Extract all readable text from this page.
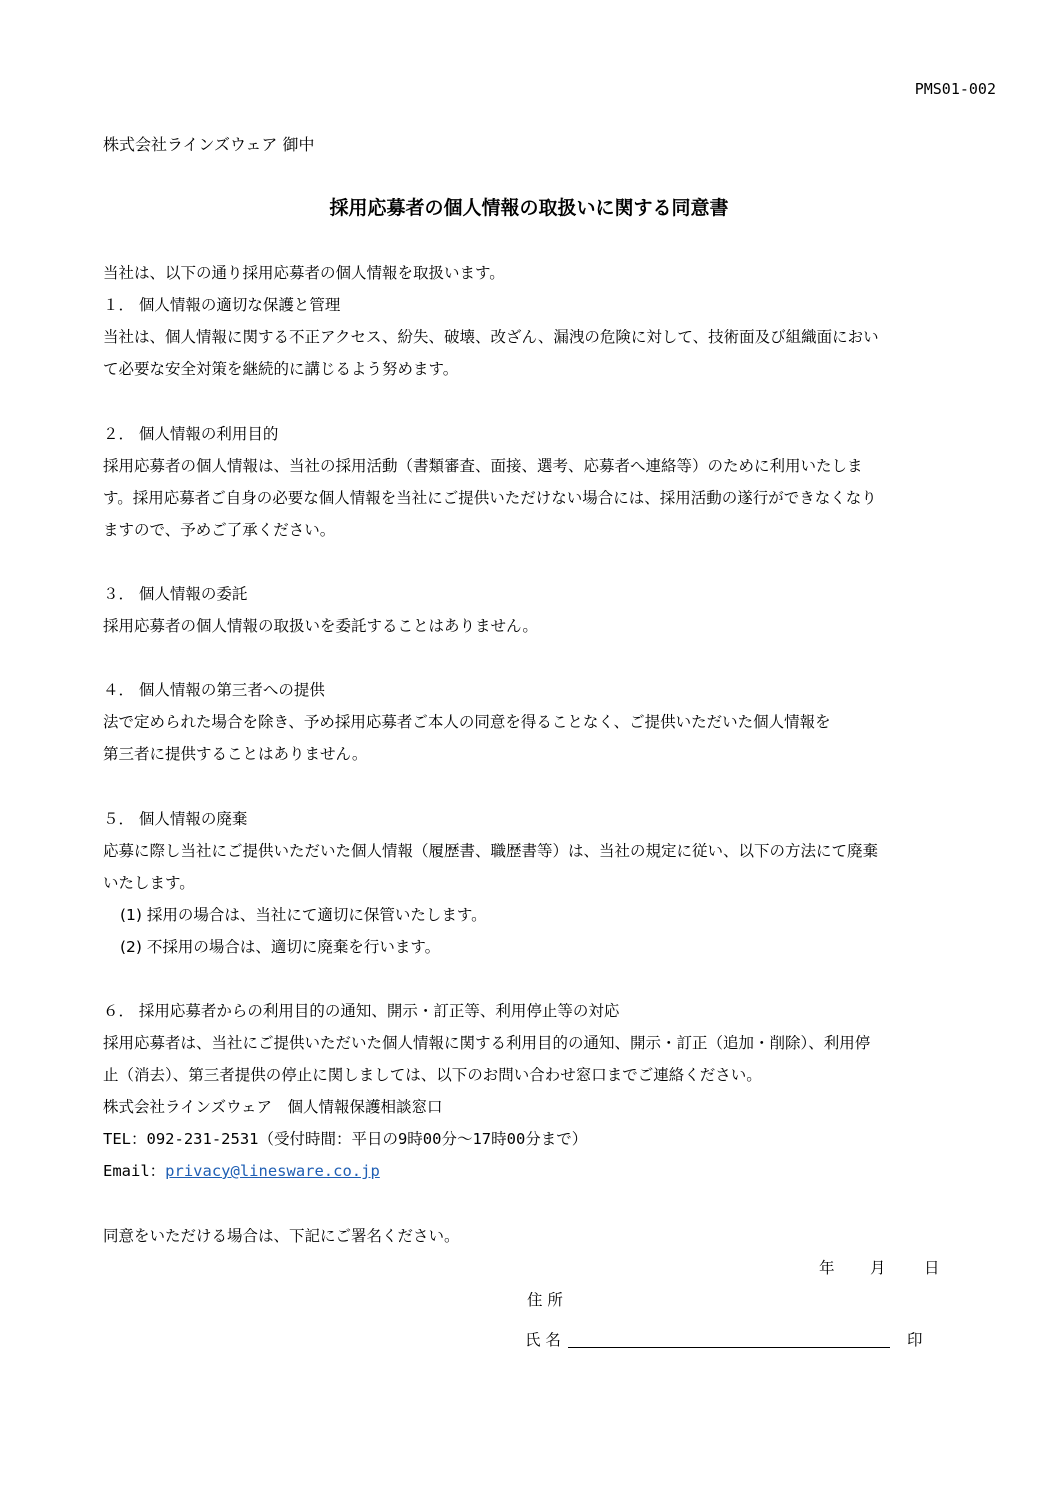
PMS01-002
株式会社ラインズウェア 御中
採用応募者の個人情報の取扱いに関する同意書
当社は、以下の通り採用応募者の個人情報を取扱います。
１． 個人情報の適切な保護と管理
当社は、個人情報に関する不正アクセス、紛失、破壊、改ざん、漏洩の危険に対して、技術面及び組織面におい
て必要な安全対策を継続的に講じるよう努めます。
２． 個人情報の利用目的
採用応募者の個人情報は、当社の採用活動（書類審査、面接、選考、応募者へ連絡等）のために利用いたしま
す。採用応募者ご自身の必要な個人情報を当社にご提供いただけない場合には、採用活動の遂行ができなくなり
ますので、予めご了承ください。
３． 個人情報の委託
採用応募者の個人情報の取扱いを委託することはありません。
４． 個人情報の第三者への提供
法で定められた場合を除き、予め採用応募者ご本人の同意を得ることなく、ご提供いただいた個人情報を
第三者に提供することはありません。
５． 個人情報の廃棄
応募に際し当社にご提供いただいた個人情報（履歴書、職歴書等）は、当社の規定に従い、以下の方法にて廃棄
いたします。
(1) 採用の場合は、当社にて適切に保管いたします。
(2) 不採用の場合は、適切に廃棄を行います。
６． 採用応募者からの利用目的の通知、開示・訂正等、利用停止等の対応
採用応募者は、当社にご提供いただいた個人情報に関する利用目的の通知、開示・訂正（追加・削除）、利用停
止（消去）、第三者提供の停止に関しましては、以下のお問い合わせ窓口までご連絡ください。
株式会社ラインズウェア　個人情報保護相談窓口
TEL：092-231-2531（受付時間：平日の9時00分～17時00分まで）
Email：privacy@linesware.co.jp
同意をいただける場合は、下記にご署名ください。
年 月 日
住 所
氏 名	印
